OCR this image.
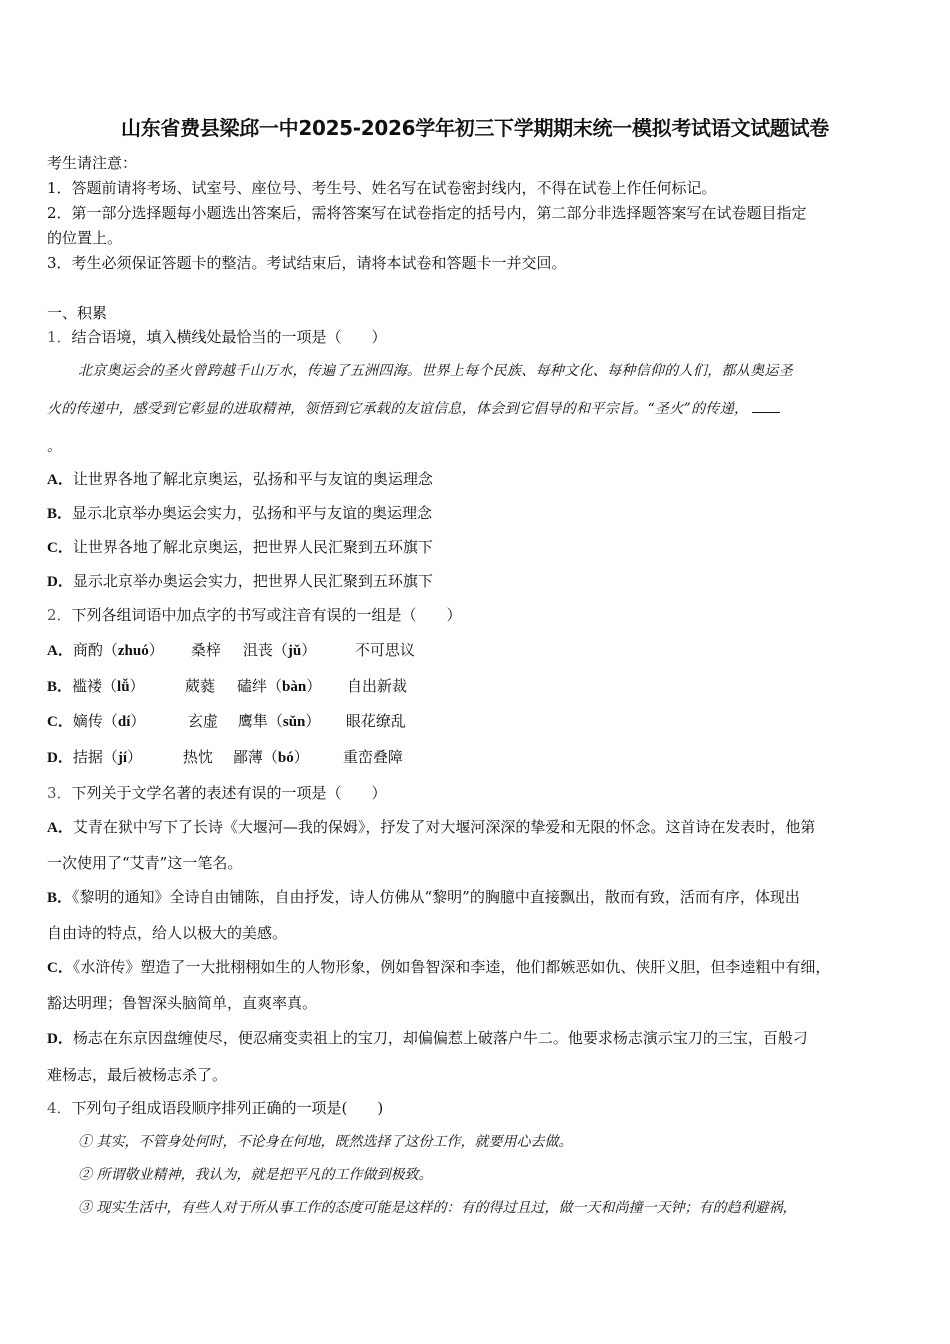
山东省费县梁邱一中2025-2026学年初三下学期期末统一模拟考试语文试题试卷
考生请注意：
1．答题前请将考场、试室号、座位号、考生号、姓名写在试卷密封线内，不得在试卷上作任何标记。
2．第一部分选择题每小题选出答案后，需将答案写在试卷指定的括号内，第二部分非选择题答案写在试卷题目指定
的位置上。
3．考生必须保证答题卡的整洁。考试结束后，请将本试卷和答题卡一并交回。
一、积累
1．结合语境，填入横线处最恰当的一项是（　　）
北京奥运会的圣火曾跨越千山万水，传遍了五洲四海。世界上每个民族、每种文化、每种信仰的人们，都从奥运圣
火的传递中，感受到它彰显的进取精神，领悟到它承载的友谊信息，体会到它倡导的和平宗旨。“圣火”的传递，
。
A．让世界各地了解北京奥运，弘扬和平与友谊的奥运理念
B．显示北京举办奥运会实力，弘扬和平与友谊的奥运理念
C．让世界各地了解北京奥运，把世界人民汇聚到五环旗下
D．显示北京举办奥运会实力，把世界人民汇聚到五环旗下
2．下列各组词语中加点字的书写或注音有误的一组是（　　）
A．商酌（zhuó） 桑梓 沮丧（jǔ）	不可思议
B．褴褛（lǚ）	葳蕤 磕绊（bàn） 自出新裁
C．嫡传（dí）	玄虚 鹰隼（sǔn） 眼花缭乱
D．拮据（jí）	热忱 鄙薄（bó） 重峦叠障
3．下列关于文学名著的表述有误的一项是（　　）
A．艾青在狱中写下了长诗《大堰河—我的保姆》，抒发了对大堰河深深的挚爱和无限的怀念。这首诗在发表时，他第
一次使用了“艾青”这一笔名。
B．《黎明的通知》全诗自由铺陈，自由抒发，诗人仿佛从“黎明”的胸臆中直接飘出，散而有致，活而有序，体现出
自由诗的特点，给人以极大的美感。
C．《水浒传》塑造了一大批栩栩如生的人物形象，例如鲁智深和李逵，他们都嫉恶如仇、侠肝义胆，但李逵粗中有细，
豁达明理；鲁智深头脑简单，直爽率真。
D．杨志在东京因盘缠使尽，便忍痛变卖祖上的宝刀，却偏偏惹上破落户牛二。他要求杨志演示宝刀的三宝，百般刁
难杨志，最后被杨志杀了。
4．下列句子组成语段顺序排列正确的一项是(　　)
① 其实，不管身处何时，不论身在何地，既然选择了这份工作，就要用心去做。
② 所谓敬业精神，我认为，就是把平凡的工作做到极致。
③ 现实生活中，有些人对于所从事工作的态度可能是这样的：有的得过且过，做一天和尚撞一天钟；有的趋利避祸，
